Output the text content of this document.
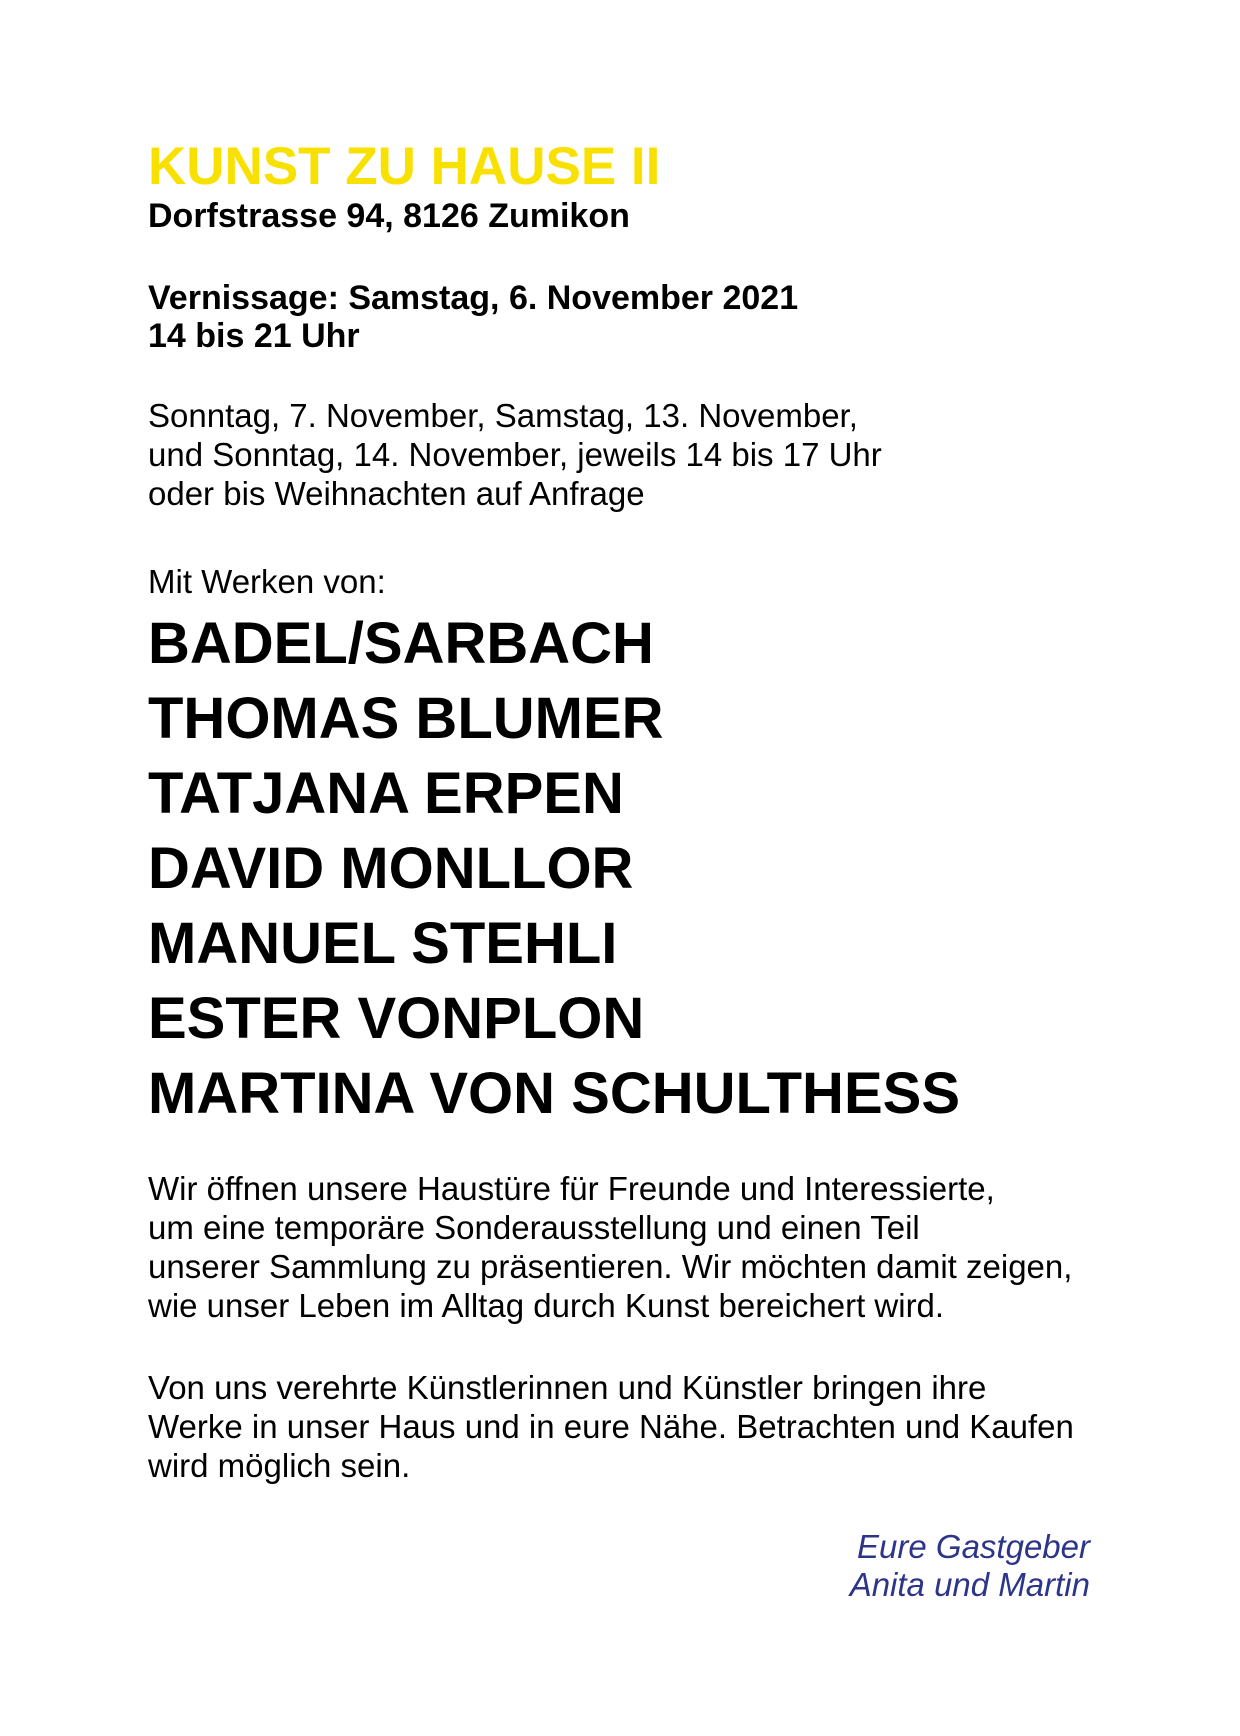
KUNST ZU HAUSE II
Dorfstrasse 94, 8126 Zumikon
Vernissage: Samstag, 6. November 2021
14 bis 21 Uhr
Sonntag, 7. November, Samstag, 13. November,
und Sonntag, 14. November, jeweils 14 bis 17 Uhr
oder bis Weihnachten auf Anfrage
Mit Werken von:
BADEL/SARBACH
THOMAS BLUMER
TATJANA ERPEN
DAVID MONLLOR
MANUEL STEHLI
ESTER VONPLON
MARTINA VON SCHULTHESS
Wir öffnen unsere Haustüre für Freunde und Interessierte,
um eine temporäre Sonderausstellung und einen Teil
unserer Sammlung zu präsentieren. Wir möchten damit zeigen,
wie unser Leben im Alltag durch Kunst bereichert wird.
Von uns verehrte Künstlerinnen und Künstler bringen ihre
Werke in unser Haus und in eure Nähe. Betrachten und Kaufen
wird möglich sein.
Eure Gastgeber
Anita und Martin
